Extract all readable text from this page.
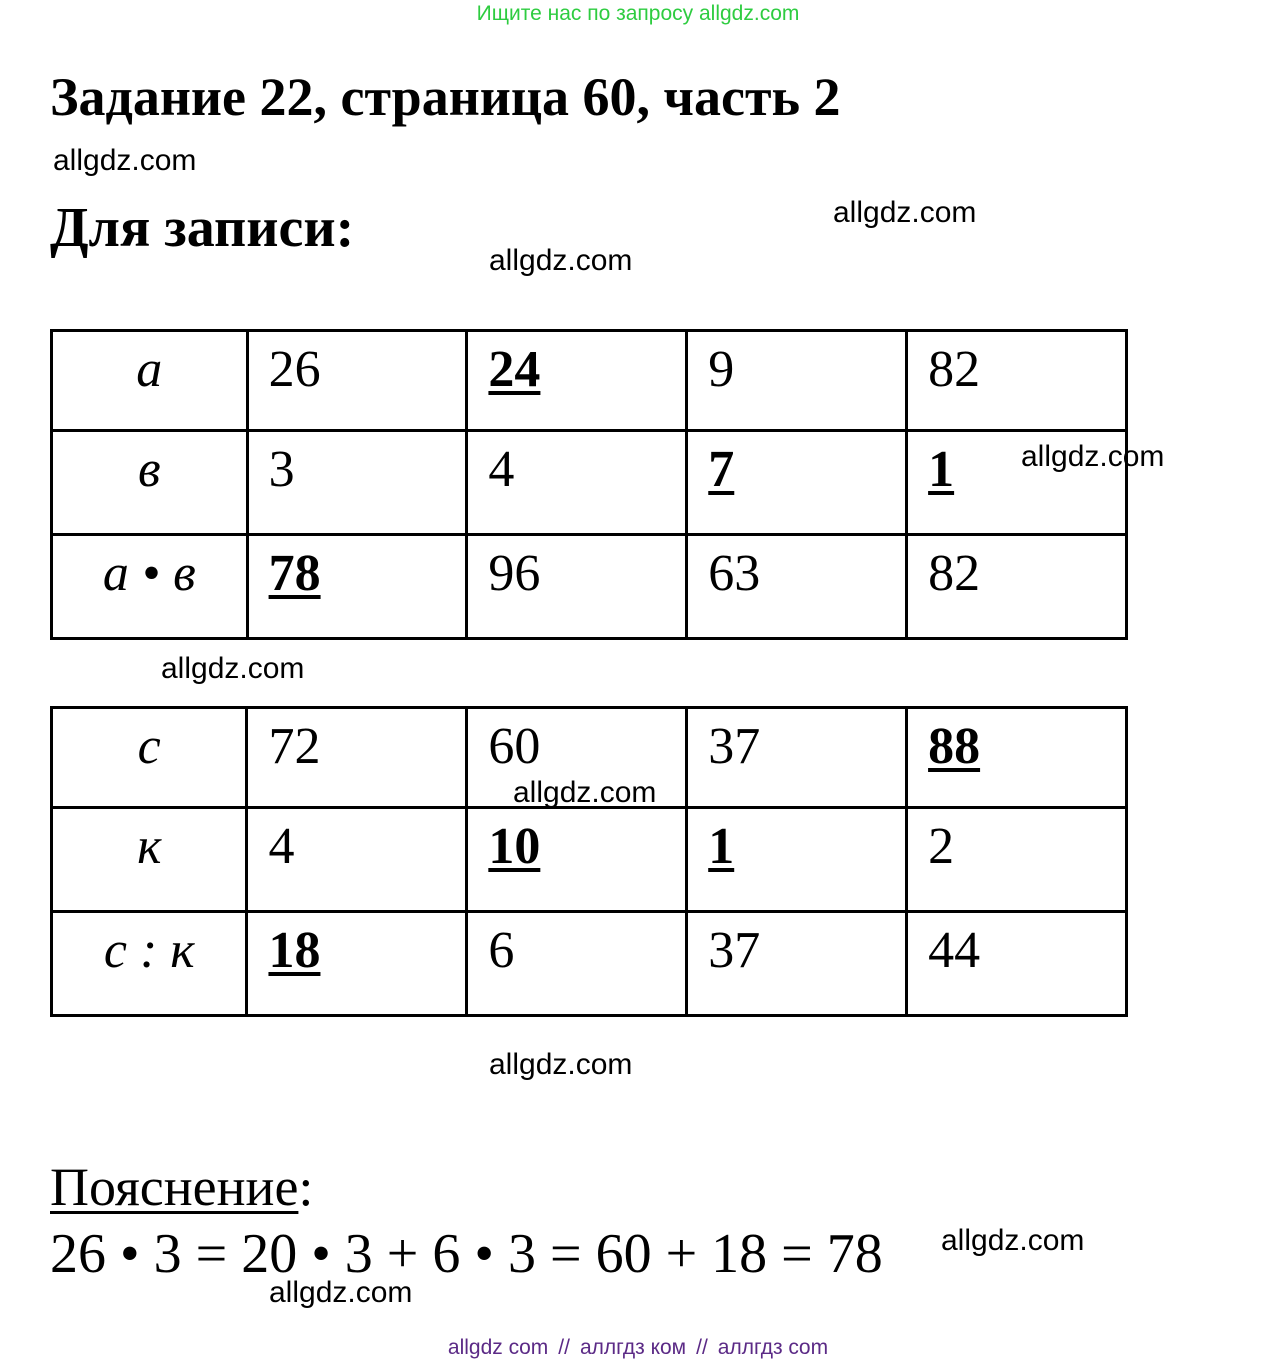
Ищите нас по запросу allgdz.com
Задание 22, страница 60, часть 2
allgdz.com
Для записи:	allgdz.com
allgdz.com
а	26	24	9	82

в	3	4	7	1

а • в	78	96	63	82
allgdz.com
allgdz.com
с	72	60	37	88

к	4	10	1	2

с : к	18	6	37	44
allgdz.com
allgdz.com
Пояснение:
26 • 3 = 20 • 3 + 6 • 3 = 60 + 18 = 78 allgdz.com
allgdz.com
allgdz com // аллгдз ком // аллгдз com
